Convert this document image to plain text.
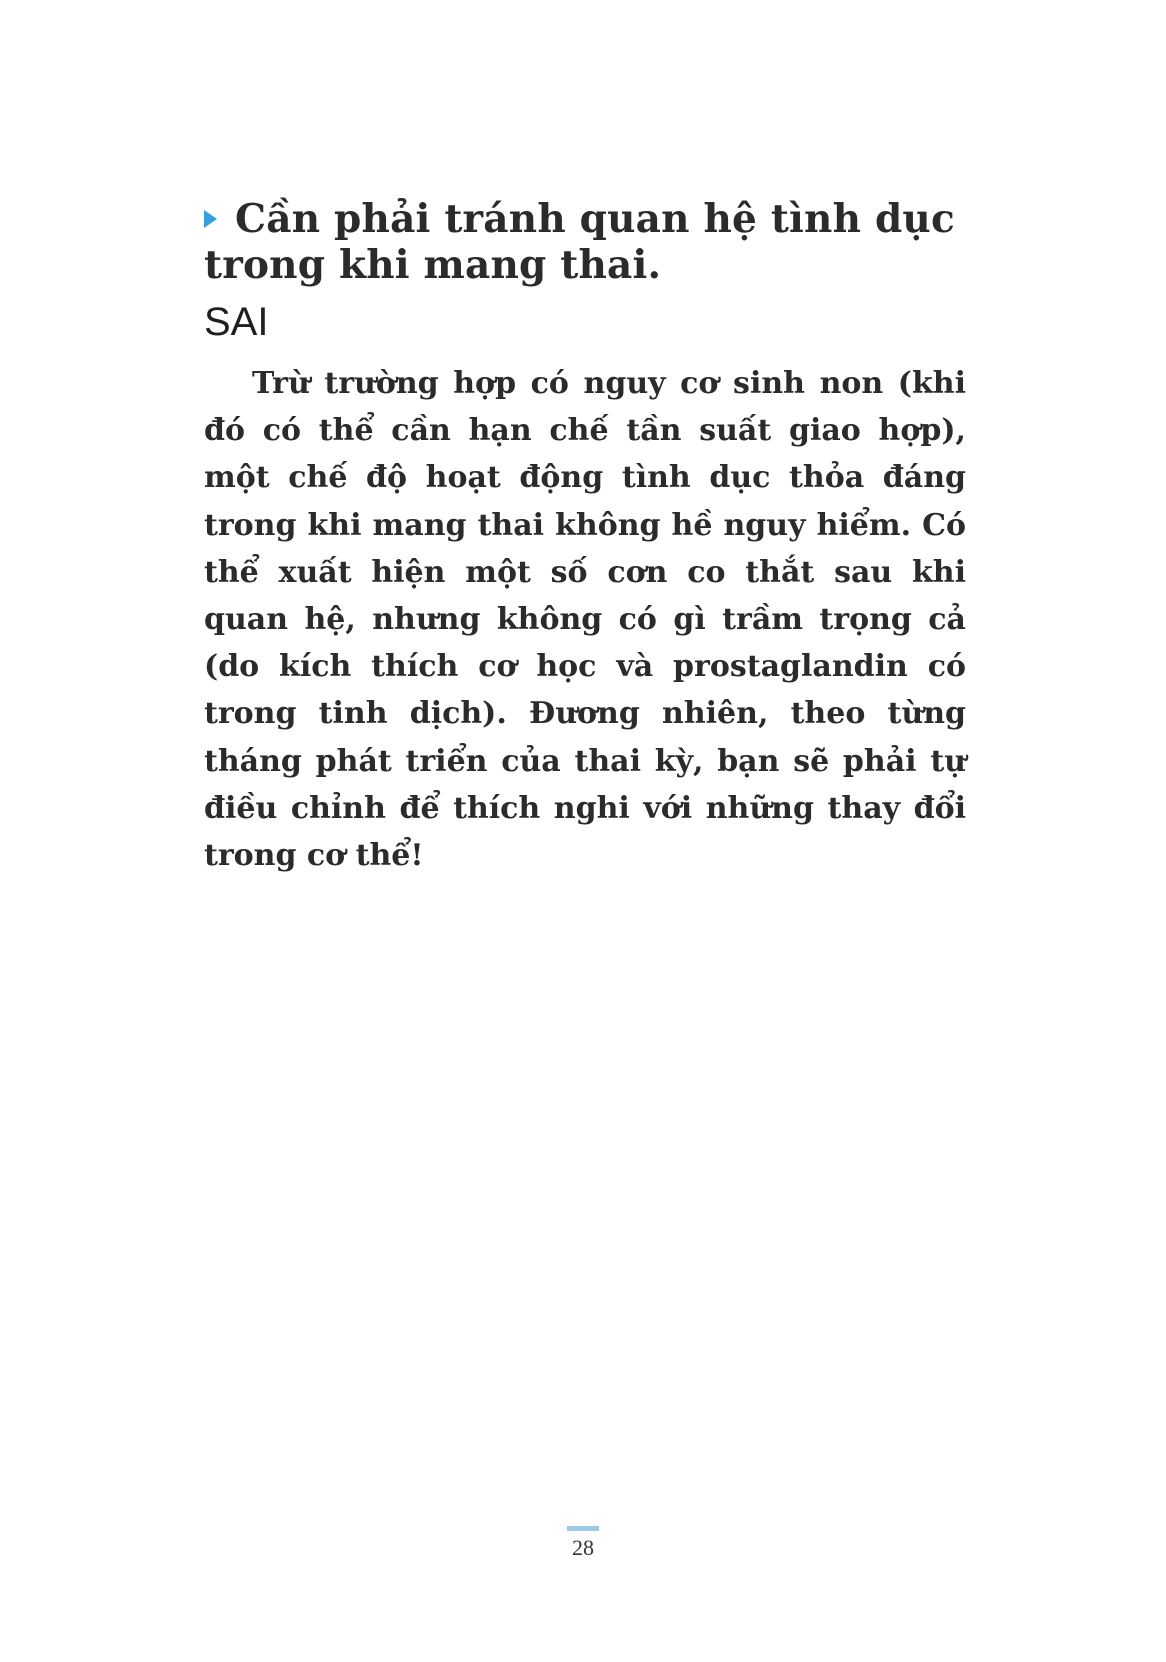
Cần phải tránh quan hệ tình dục trong khi mang thai.
SAI

Trừ trường hợp có nguy cơ sinh non (khi đó có thể cần hạn chế tần suất giao hợp), một chế độ hoạt động tình dục thỏa đáng trong khi mang thai không hề nguy hiểm. Có thể xuất hiện một số cơn co thắt sau khi quan hệ, nhưng không có gì trầm trọng cả (do kích thích cơ học và prostaglandin có trong tinh dịch). Đương nhiên, theo từng tháng phát triển của thai kỳ, bạn sẽ phải tự điều chỉnh để thích nghi với những thay đổi trong cơ thể!

28
